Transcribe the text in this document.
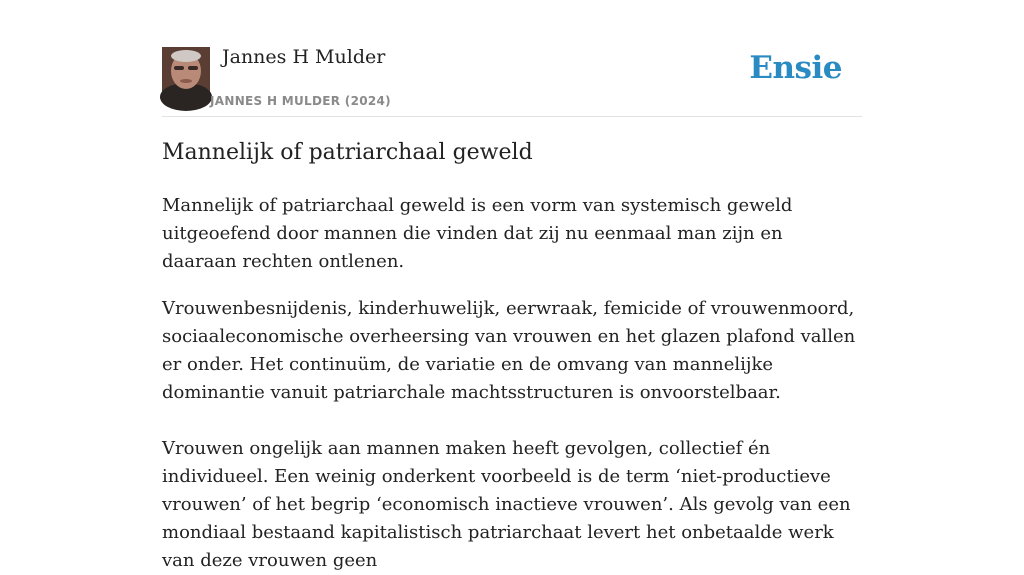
Jannes H Mulder
JANNES H MULDER (2024)
Ensie
Mannelijk of patriarchaal geweld

Mannelijk of patriarchaal geweld is een vorm van systemisch geweld uitgeoefend door mannen die vinden dat zij nu eenmaal man zijn en daaraan rechten ontlenen.

Vrouwenbesnijdenis, kinderhuwelijk, eerwraak, femicide of vrouwenmoord, sociaaleconomische overheersing van vrouwen en het glazen plafond vallen er onder. Het continuüm, de variatie en de omvang van mannelijke dominantie vanuit patriarchale machtsstructuren is onvoorstelbaar.

Vrouwen ongelijk aan mannen maken heeft gevolgen, collectief én individueel. Een weinig onderkent voorbeeld is de term ‘niet-productieve vrouwen’ of het begrip ‘economisch inactieve vrouwen’. Als gevolg van een mondiaal bestaand kapitalistisch patriarchaat levert het onbetaalde werk van deze vrouwen geen
